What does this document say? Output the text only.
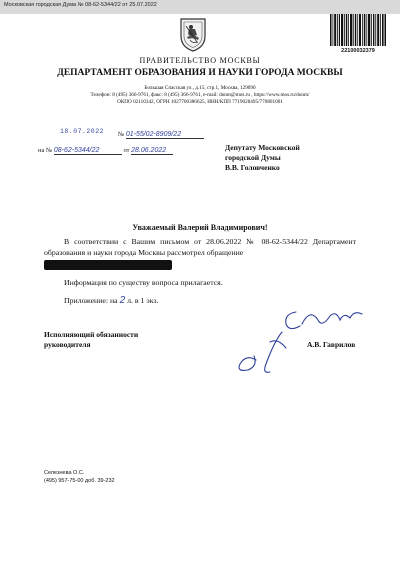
Московская городская Дума № 08-62-5344/22 от 25.07.2022
22100032379
ПРАВИТЕЛЬСТВО МОСКВЫ
ДЕПАРТАМЕНТ ОБРАЗОВАНИЯ И НАУКИ ГОРОДА МОСКВЫ
Большая Спасская ул., д.15, стр.1, Москва, 129090
Телефон: 8 (495) 366-9761, факс: 8 (495) 366-9761, e-mail: donm@mos.ru , https://www.mos.ru/donm/
ОКПО 02110342, ОГРН 1027700386625, ИНН/КПП 7719028495/770801001
18.07.2022 № 01-55/02-8909/22
на № 08-62-5344/22	от 28.06.2022	Депутату Московской
городской Думы
В.В. Головченко
Уважаемый Валерий Владимирович!
В соответствии с Вашим письмом от 28.06.2022 № 08-62-5344/22 Департамент образования и науки города Москвы рассмотрел обращение
Информация по существу вопроса прилагается.
Приложение: на 2 л. в 1 экз.
Исполняющий обязанности
руководителя	А.В. Гаврилов
Селезнева О.С.
(495) 957-75-00 доб. 39-232
